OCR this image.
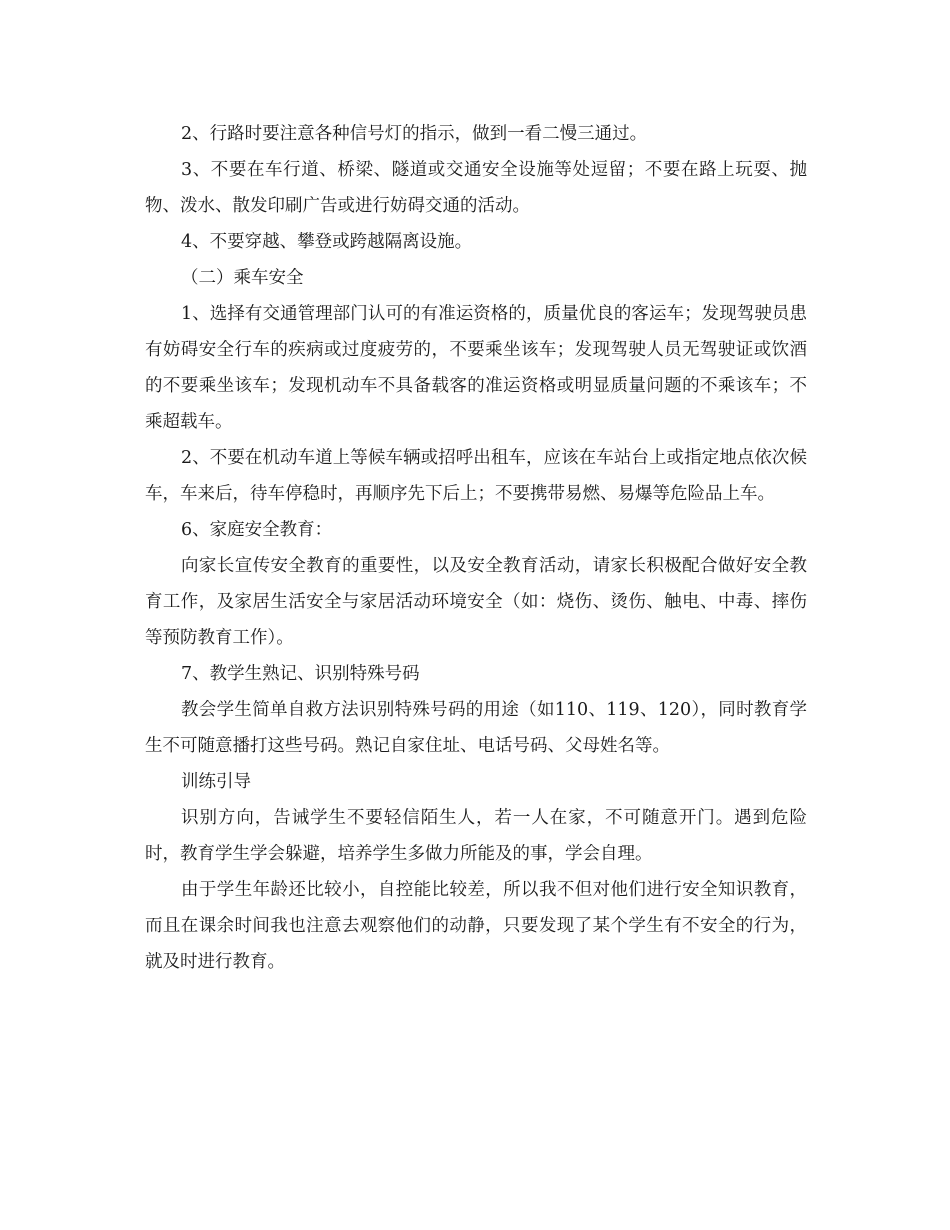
2、行路时要注意各种信号灯的指示，做到一看二慢三通过。

3、不要在车行道、桥梁、隧道或交通安全设施等处逗留；不要在路上玩耍、抛物、泼水、散发印刷广告或进行妨碍交通的活动。

4、不要穿越、攀登或跨越隔离设施。

（二）乘车安全

1、选择有交通管理部门认可的有准运资格的，质量优良的客运车；发现驾驶员患有妨碍安全行车的疾病或过度疲劳的，不要乘坐该车；发现驾驶人员无驾驶证或饮酒的不要乘坐该车；发现机动车不具备载客的准运资格或明显质量问题的不乘该车；不乘超载车。

2、不要在机动车道上等候车辆或招呼出租车，应该在车站台上或指定地点依次候车，车来后，待车停稳时，再顺序先下后上；不要携带易燃、易爆等危险品上车。

6、家庭安全教育：

向家长宣传安全教育的重要性，以及安全教育活动，请家长积极配合做好安全教育工作，及家居生活安全与家居活动环境安全（如：烧伤、烫伤、触电、中毒、摔伤等预防教育工作）。

7、教学生熟记、识别特殊号码

教会学生简单自救方法识别特殊号码的用途（如110、119、120），同时教育学生不可随意播打这些号码。熟记自家住址、电话号码、父母姓名等。

训练引导

识别方向，告诫学生不要轻信陌生人，若一人在家，不可随意开门。遇到危险时，教育学生学会躲避，培养学生多做力所能及的事，学会自理。

由于学生年龄还比较小，自控能比较差，所以我不但对他们进行安全知识教育，而且在课余时间我也注意去观察他们的动静，只要发现了某个学生有不安全的行为，就及时进行教育。
